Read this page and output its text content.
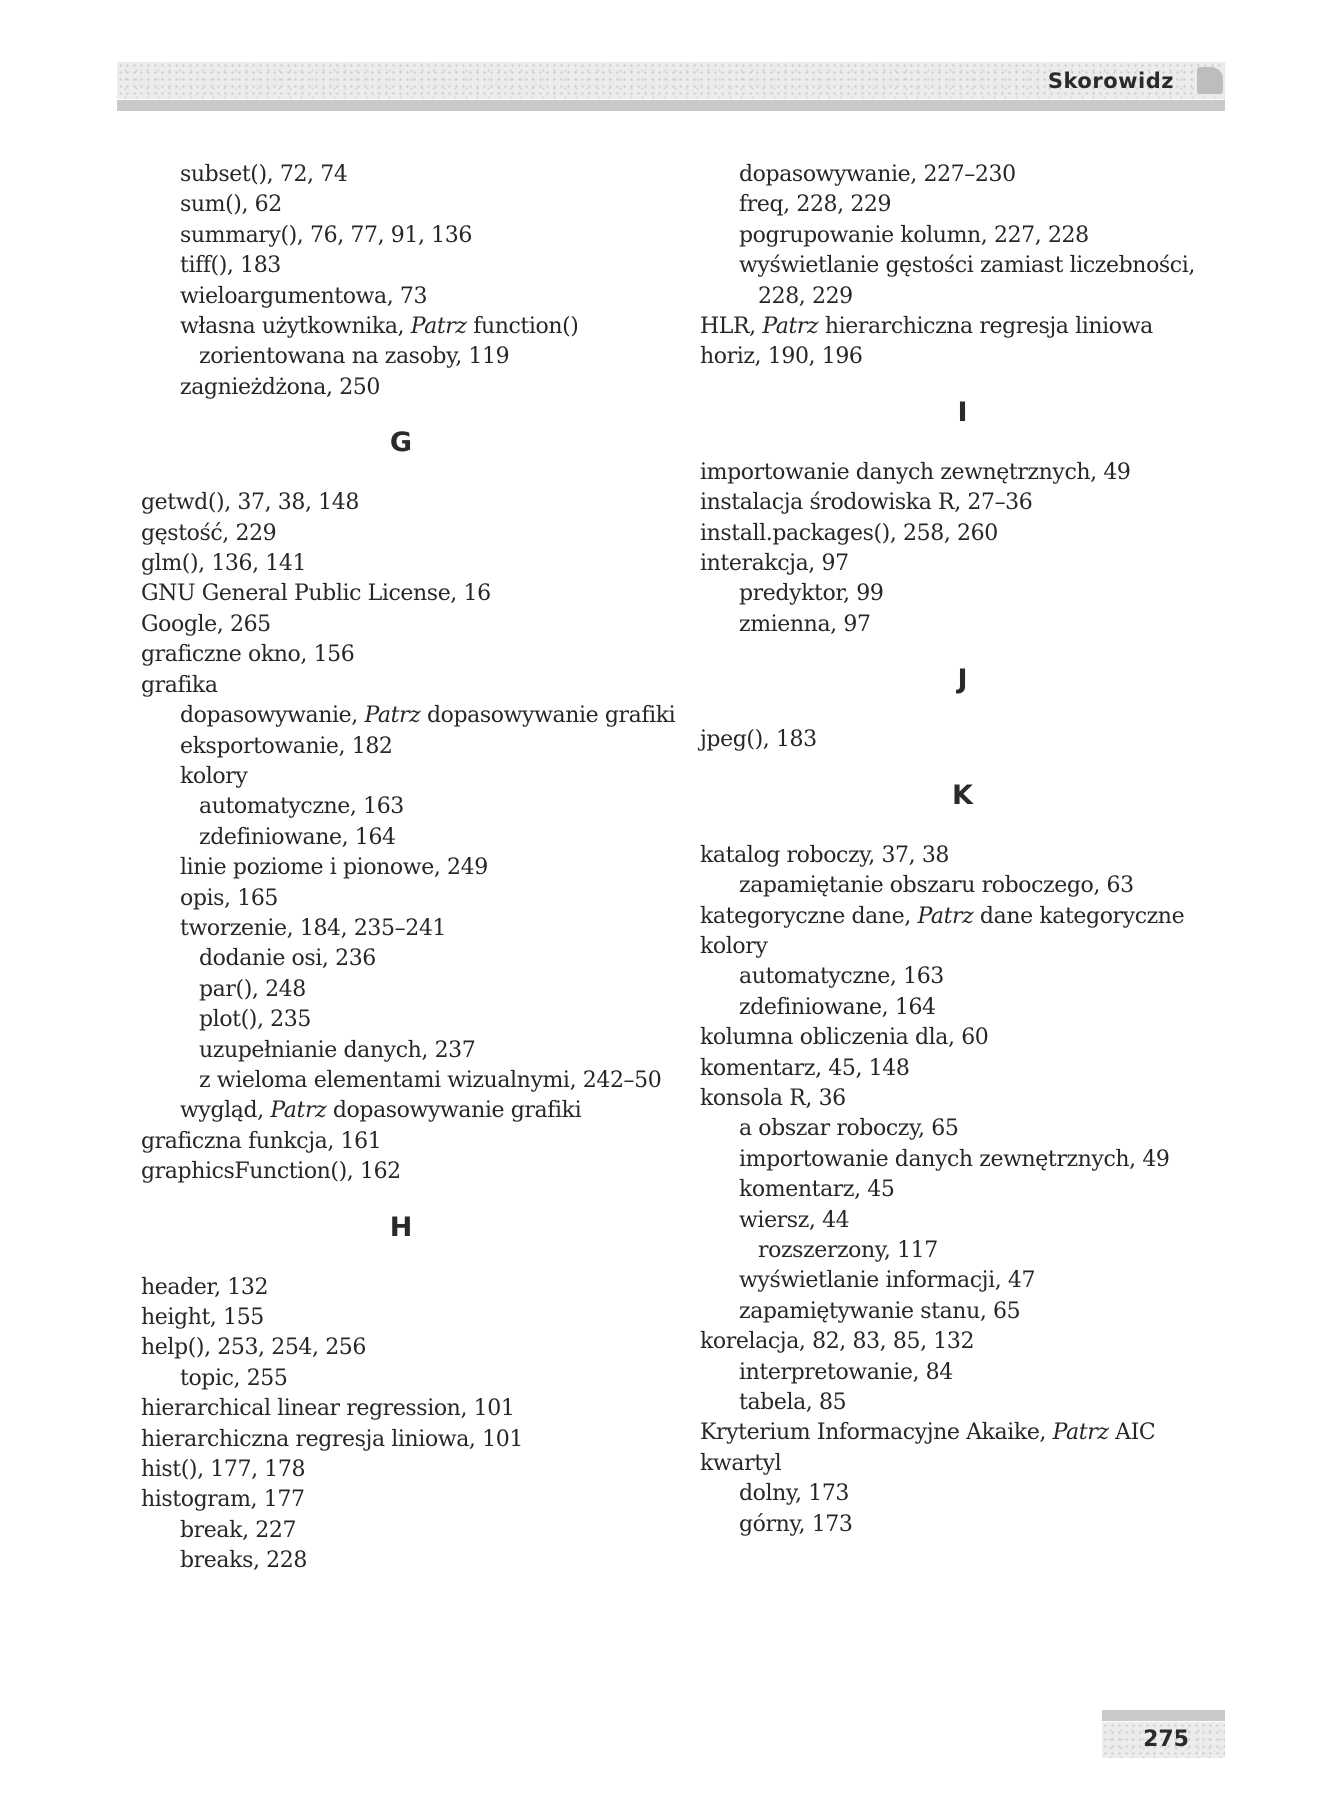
Skorowidz
subset(), 72, 74
sum(), 62
summary(), 76, 77, 91, 136
tiff(), 183
wieloargumentowa, 73
własna użytkownika, Patrz function()
zorientowana na zasoby, 119
zagnieżdżona, 250
G
getwd(), 37, 38, 148
gęstość, 229
glm(), 136, 141
GNU General Public License, 16
Google, 265
graficzne okno, 156
grafika
dopasowywanie, Patrz dopasowywanie grafiki
eksportowanie, 182
kolory
automatyczne, 163
zdefiniowane, 164
linie poziome i pionowe, 249
opis, 165
tworzenie, 184, 235–241
dodanie osi, 236
par(), 248
plot(), 235
uzupełnianie danych, 237
z wieloma elementami wizualnymi, 242–50
wygląd, Patrz dopasowywanie grafiki
graficzna funkcja, 161
graphicsFunction(), 162
H
header, 132
height, 155
help(), 253, 254, 256
topic, 255
hierarchical linear regression, 101
hierarchiczna regresja liniowa, 101
hist(), 177, 178
histogram, 177
break, 227
breaks, 228
dopasowywanie, 227–230
freq, 228, 229
pogrupowanie kolumn, 227, 228
wyświetlanie gęstości zamiast liczebności,
228, 229
HLR, Patrz hierarchiczna regresja liniowa
horiz, 190, 196
I
importowanie danych zewnętrznych, 49
instalacja środowiska R, 27–36
install.packages(), 258, 260
interakcja, 97
predyktor, 99
zmienna, 97
J
jpeg(), 183
K
katalog roboczy, 37, 38
zapamiętanie obszaru roboczego, 63
kategoryczne dane, Patrz dane kategoryczne
kolory
automatyczne, 163
zdefiniowane, 164
kolumna obliczenia dla, 60
komentarz, 45, 148
konsola R, 36
a obszar roboczy, 65
importowanie danych zewnętrznych, 49
komentarz, 45
wiersz, 44
rozszerzony, 117
wyświetlanie informacji, 47
zapamiętywanie stanu, 65
korelacja, 82, 83, 85, 132
interpretowanie, 84
tabela, 85
Kryterium Informacyjne Akaike, Patrz AIC
kwartyl
dolny, 173
górny, 173
275
